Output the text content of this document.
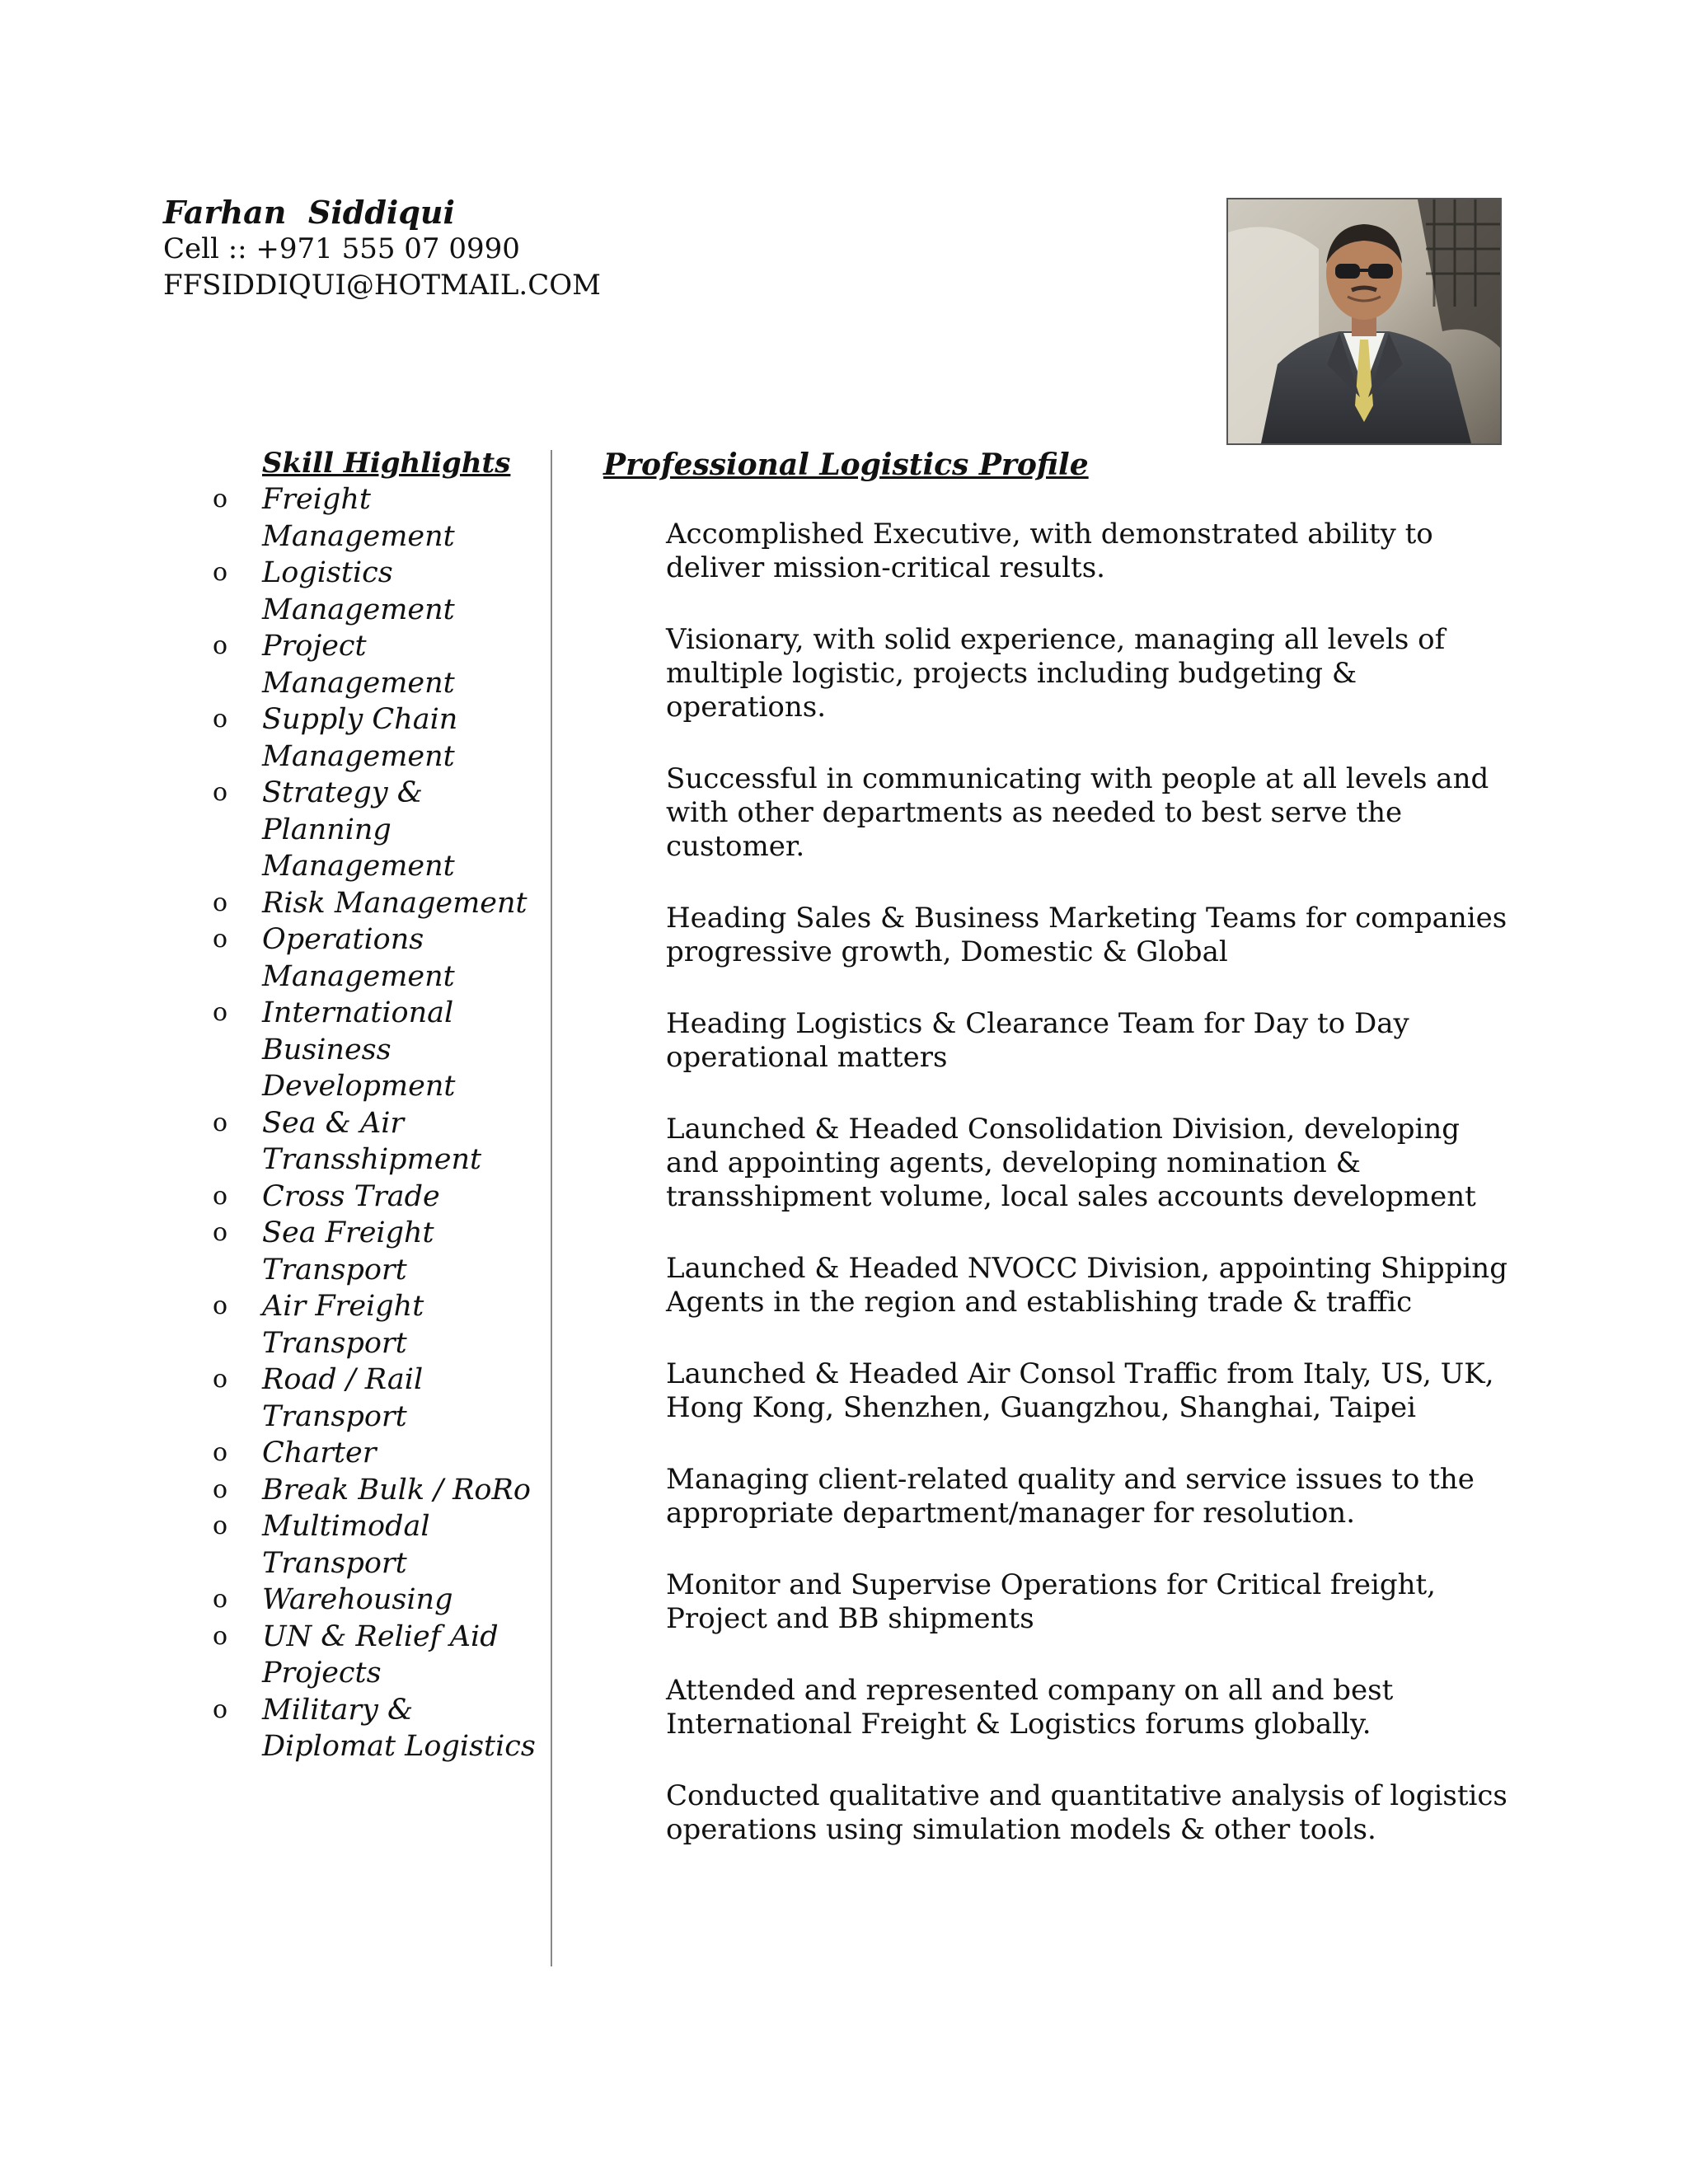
Farhan  Siddiqui
Cell :: +971 555 07 0990
FFSIDDIQUI@HOTMAIL.COM
Skill Highlights
o Freight Management
o Logistics Management
o Project Management
o Supply Chain Management
o Strategy & Planning Management
o Risk Management
o Operations Management
o International Business Development
o Sea & Air Transshipment
o Cross Trade
o Sea Freight Transport
o Air Freight Transport
o Road / Rail Transport
o Charter
o Break Bulk / RoRo
o Multimodal Transport
o Warehousing
o UN & Relief Aid Projects
o Military & Diplomat Logistics
Professional Logistics Profile

Accomplished Executive, with demonstrated ability to deliver mission-critical results.

Visionary, with solid experience, managing all levels of multiple logistic, projects including budgeting & operations.

Successful in communicating with people at all levels and with other departments as needed to best serve the customer.

Heading Sales & Business Marketing Teams for companies progressive growth, Domestic & Global

Heading Logistics & Clearance Team for Day to Day operational matters

Launched & Headed Consolidation Division, developing and appointing agents, developing nomination & transshipment volume, local sales accounts development

Launched & Headed NVOCC Division, appointing Shipping Agents in the region and establishing trade & traffic

Launched & Headed Air Consol Traffic from Italy, US, UK, Hong Kong, Shenzhen, Guangzhou, Shanghai, Taipei

Managing client-related quality and service issues to the appropriate department/manager for resolution.

Monitor and Supervise Operations for Critical freight, Project and BB shipments

Attended and represented company on all and best International Freight & Logistics forums globally.

Conducted qualitative and quantitative analysis of logistics operations using simulation models & other tools.
